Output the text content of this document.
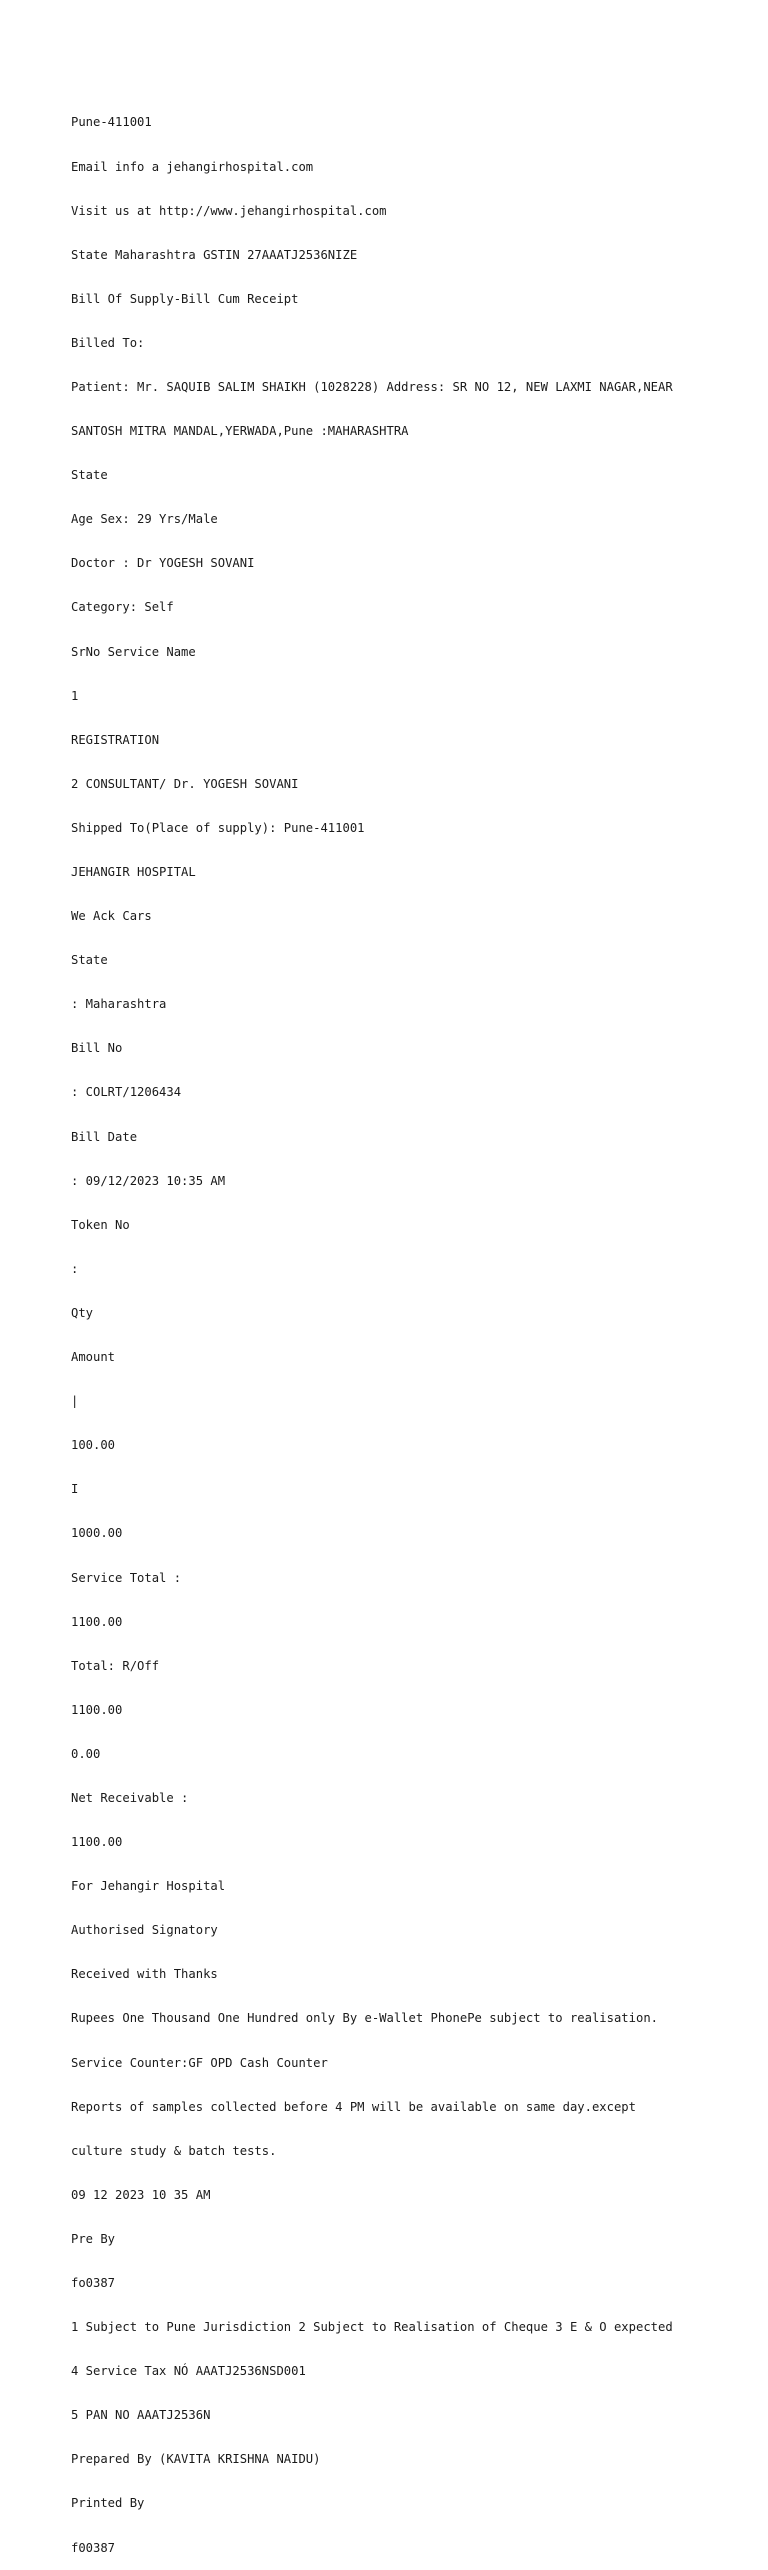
Pune-411001

Email info a jehangirhospital.com

Visit us at http://www.jehangirhospital.com

State Maharashtra GSTIN 27AAATJ2536NIZE

Bill Of Supply-Bill Cum Receipt

Billed To:

Patient: Mr. SAQUIB SALIM SHAIKH (1028228) Address: SR NO 12, NEW LAXMI NAGAR,NEAR

SANTOSH MITRA MANDAL,YERWADA,Pune :MAHARASHTRA

State

Age Sex: 29 Yrs/Male

Doctor : Dr YOGESH SOVANI

Category: Self

SrNo Service Name

1

REGISTRATION

2 CONSULTANT/ Dr. YOGESH SOVANI

Shipped To(Place of supply): Pune-411001

JEHANGIR HOSPITAL

We Ack Cars

State

: Maharashtra

Bill No

: COLRT/1206434

Bill Date

: 09/12/2023 10:35 AM

Token No

:

Qty

Amount

|

100.00

I

1000.00

Service Total :

1100.00

Total: R/Off

1100.00

0.00

Net Receivable :

1100.00

For Jehangir Hospital

Authorised Signatory

Received with Thanks

Rupees One Thousand One Hundred only By e-Wallet PhonePe subject to realisation.

Service Counter:GF OPD Cash Counter

Reports of samples collected before 4 PM will be available on same day.except

culture study & batch tests.

09 12 2023 10 35 AM

Pre By

fo0387

1 Subject to Pune Jurisdiction 2 Subject to Realisation of Cheque 3 E & O expected

4 Service Tax NÓ AAATJ2536NSD001

5 PAN NO AAATJ2536N

Prepared By (KAVITA KRISHNA NAIDU)

Printed By

f00387
